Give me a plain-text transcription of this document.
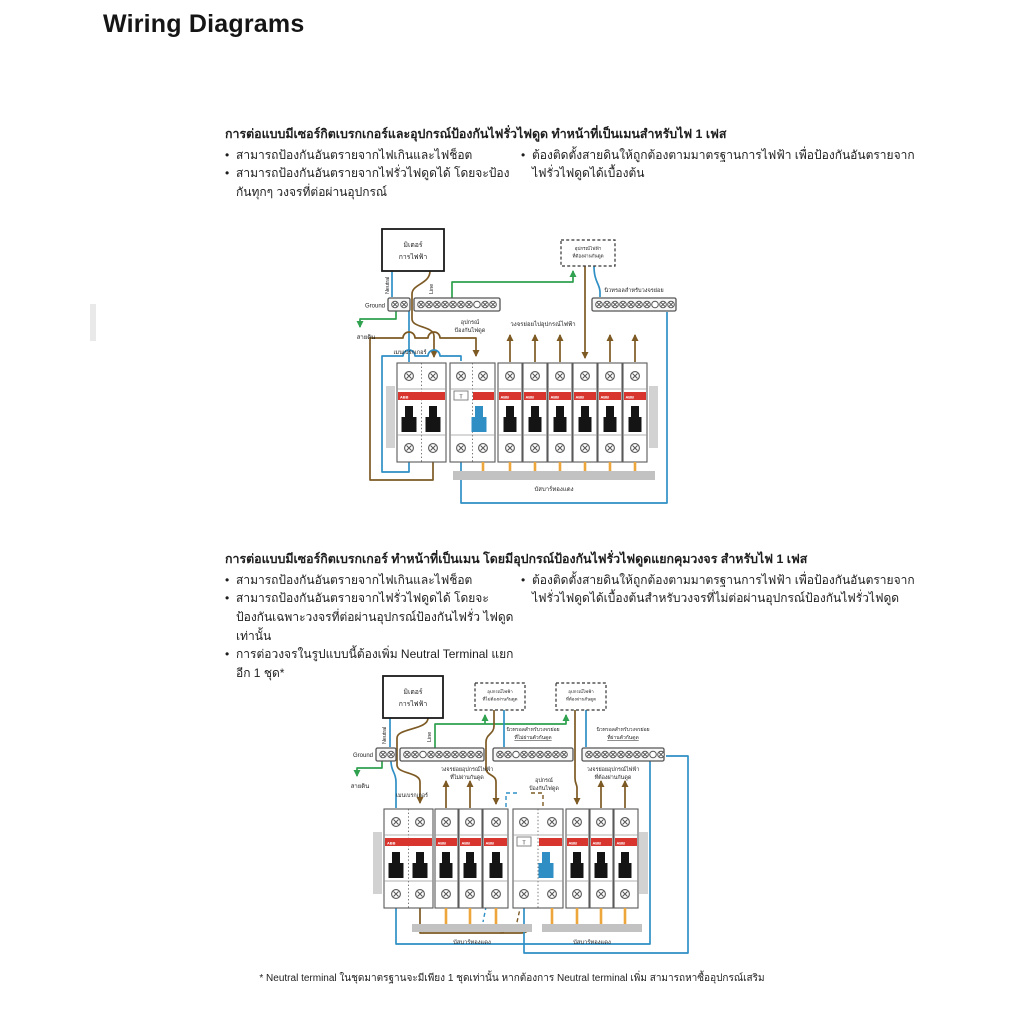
Wiring Diagrams

การต่อแบบมีเซอร์กิตเบรกเกอร์และอุปกรณ์ป้องกันไฟรั่วไฟดูด ทำหน้าที่เป็นเมนสำหรับไฟ 1 เฟส

• สามารถป้องกันอันตรายจากไฟเกินและไฟช็อต
• สามารถป้องกันอันตรายจากไฟรั่วไฟดูดได้ โดยจะป้องกันทุกๆ วงจรที่ต่อผ่านอุปกรณ์
• ต้องติดตั้งสายดินให้ถูกต้องตามมาตรฐานการไฟฟ้า เพื่อป้องกันอันตรายจากไฟรั่วไฟดูดได้เบื้องต้น
มิเตอร์
การไฟฟ้า
Neutral	Line
Ground
สายดิน
นิวทรอลสำหรับวงจรย่อย
อุปกรณ์ไฟฟ้า
ที่ต้องผ่านกันดูด
เมนเบรกเกอร์
อุปกรณ์
ป้องกันไฟดูด
วงจรย่อยไปอุปกรณ์ไฟฟ้า
ABB	T	ABB	ABB	ABB	ABB	ABB	ABB
บัสบาร์ทองแดง

การต่อแบบมีเซอร์กิตเบรกเกอร์ ทำหน้าที่เป็นเมน โดยมีอุปกรณ์ป้องกันไฟรั่วไฟดูดแยกคุมวงจร สำหรับไฟ 1 เฟส

• สามารถป้องกันอันตรายจากไฟเกินและไฟช็อต
• สามารถป้องกันอันตรายจากไฟรั่วไฟดูดได้ โดยจะป้องกันเฉพาะวงจรที่ต่อผ่านอุปกรณ์ป้องกันไฟรั่ว ไฟดูดเท่านั้น
• การต่อวงจรในรูปแบบนี้ต้องเพิ่ม Neutral Terminal แยกอีก 1 ชุด*
• ต้องติดตั้งสายดินให้ถูกต้องตามมาตรฐานการไฟฟ้า เพื่อป้องกันอันตรายจากไฟรั่วไฟดูดได้เบื้องต้นสำหรับวงจรที่ไม่ต่อผ่านอุปกรณ์ป้องกันไฟรั่วไฟดูด
มิเตอร์
การไฟฟ้า
Neutral	Line
อุปกรณ์ไฟฟ้า
ที่ไม่ต้องผ่านกันดูด
อุปกรณ์ไฟฟ้า
ที่ต้องผ่านกันดูด
Ground
สายดิน
นิวทรอลสำหรับวงจรย่อย
ที่ไม่ผ่านตัวกันดูด
นิวทรอลสำหรับวงจรย่อย
ที่ผ่านตัวกันดูด
เมนเบรกเกอร์
วงจรย่อยอุปกรณ์ไฟฟ้า
ที่ไม่ผ่านกันดูด	อุปกรณ์
ป้องกันไฟดูด
วงจรย่อยอุปกรณ์ไฟฟ้า
ที่ต้องผ่านกันดูด
ABB	ABB	ABB	ABB	T	ABB	ABB	ABB
บัสบาร์ทองแดง	บัสบาร์ทองแดง
* Neutral terminal ในชุดมาตรฐานจะมีเพียง 1 ชุดเท่านั้น หากต้องการ Neutral terminal เพิ่ม สามารถหาซื้ออุปกรณ์เสริม
